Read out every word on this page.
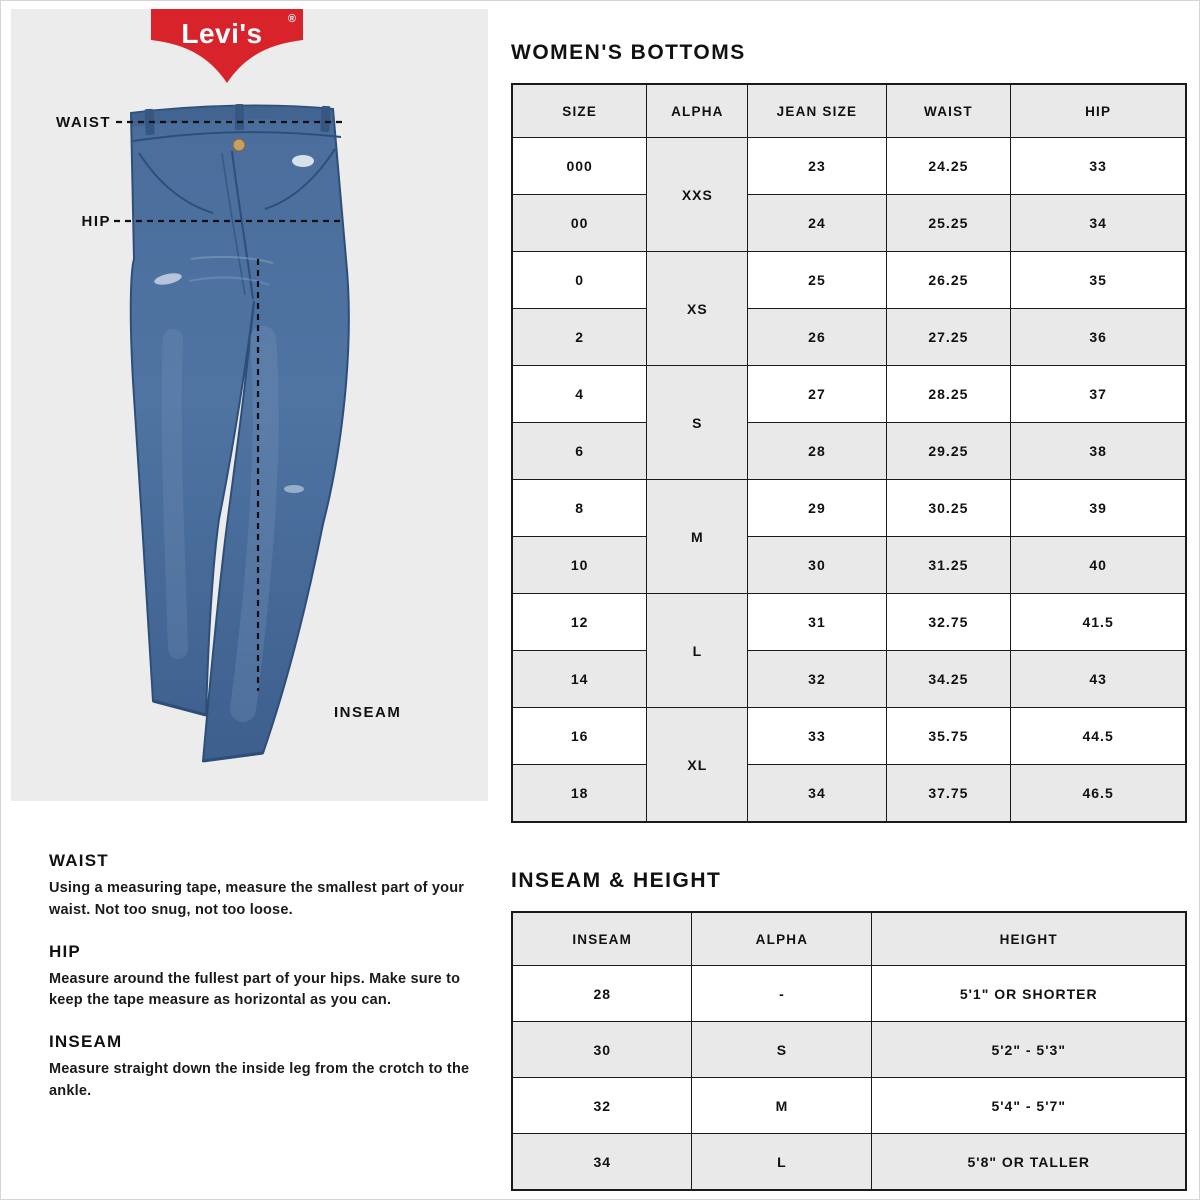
Levi's	®
WAIST
HIP
INSEAM
WAIST

Using a measuring tape, measure the smallest part of your waist. Not too snug, not too loose.

HIP

Measure around the fullest part of your hips. Make sure to keep the tape measure as horizontal as you can.

INSEAM

Measure straight down the inside leg from the crotch to the ankle.

WOMEN'S BOTTOMS
SIZE	ALPHA	JEAN SIZE	WAIST	HIP
000	XXS	23	24.25	33
00		24	25.25	34
0	XS	25	26.25	35
2		26	27.25	36
4	S	27	28.25	37
6		28	29.25	38
8	M	29	30.25	39
10		30	31.25	40
12	L	31	32.75	41.5
14		32	34.25	43
16	XL	33	35.75	44.5
18		34	37.75	46.5
INSEAM & HEIGHT
INSEAM	ALPHA	HEIGHT
28	-	5'1" OR SHORTER
30	S	5'2" - 5'3"
32	M	5'4" - 5'7"
34	L	5'8" OR TALLER
